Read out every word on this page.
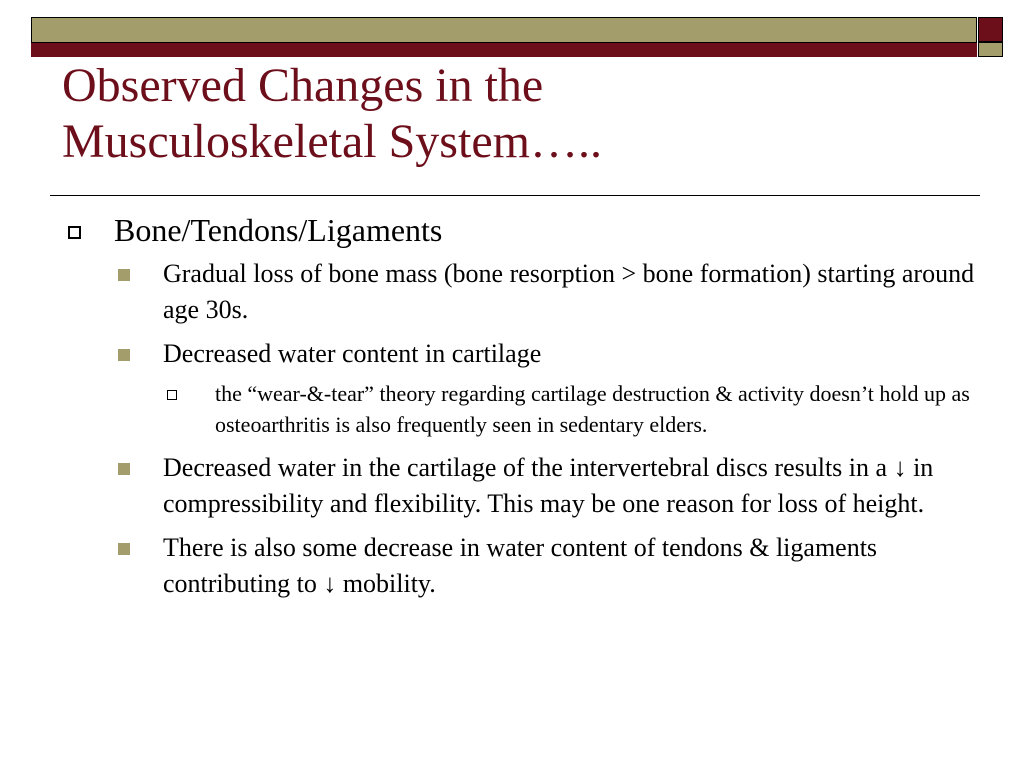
Observed Changes in the
Musculoskeletal System…..
Bone/Tendons/Ligaments
Gradual loss of bone mass (bone resorption > bone formation) starting around age 30s.
Decreased water content in cartilage
the “wear-&-tear” theory regarding cartilage destruction & activity doesn’t hold up as osteoarthritis is also frequently seen in sedentary elders.
Decreased water in the cartilage of the intervertebral discs results in a ↓ in compressibility and flexibility. This may be one reason for loss of height.
There is also some decrease in water content of tendons & ligaments contributing to ↓ mobility.
